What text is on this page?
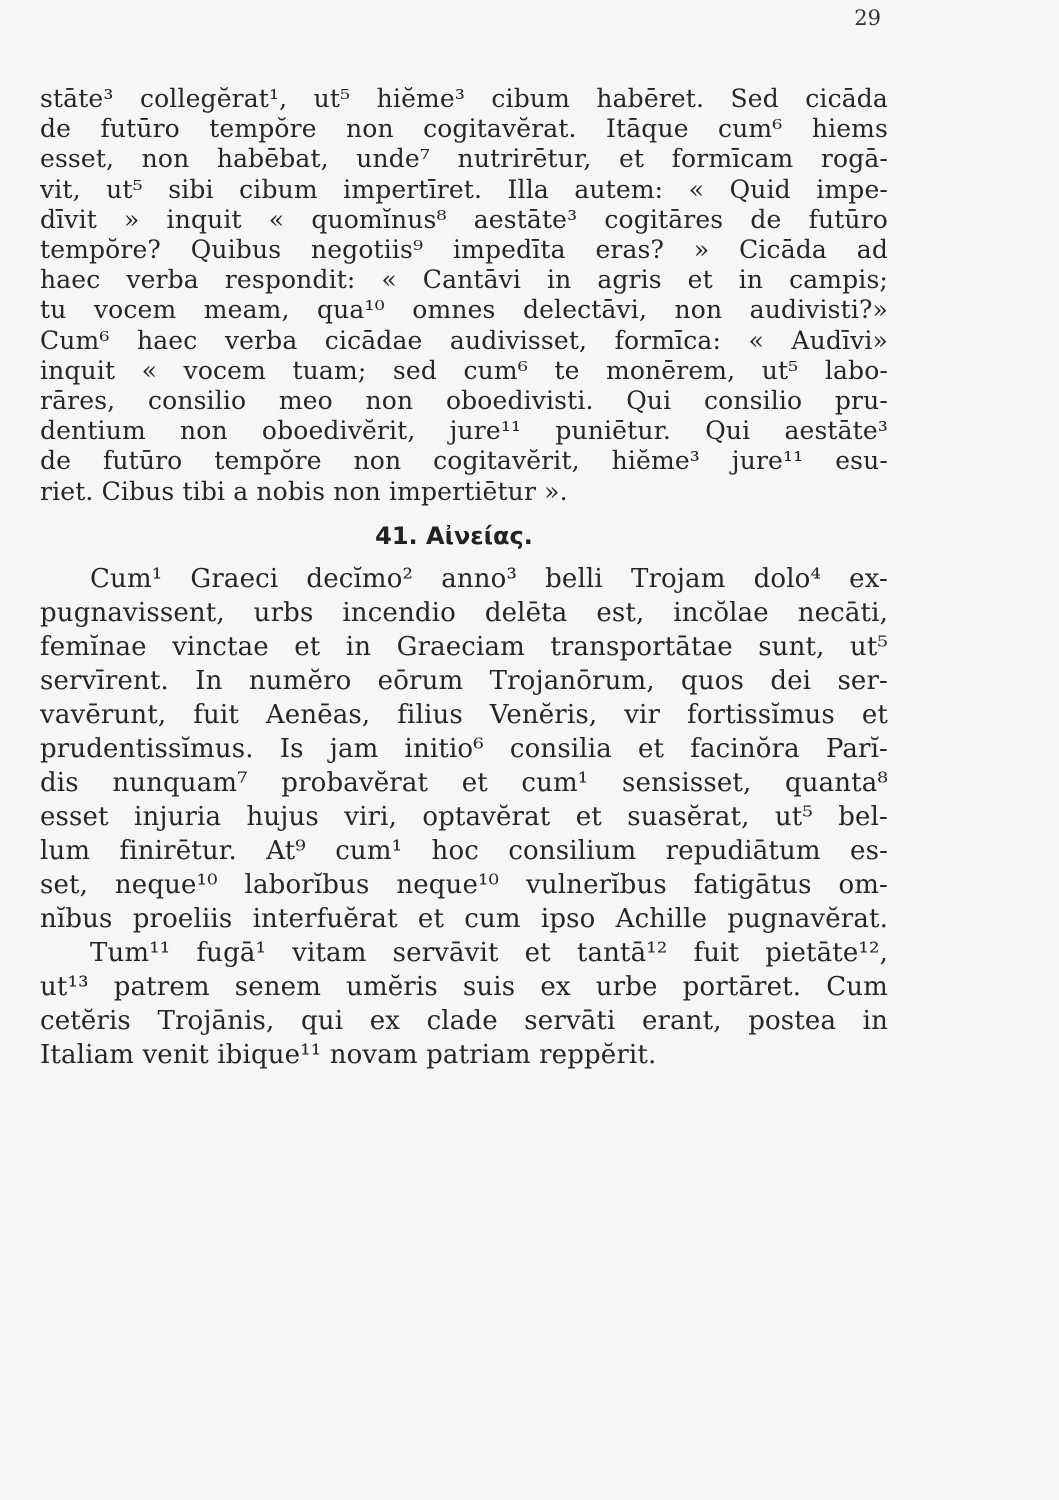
29
stāte³ collegĕrat¹, ut⁵ hiĕme³ cibum habēret. Sed cicāda
de futūro tempŏre non cogitavĕrat. Itāque cum⁶ hiems
esset, non habēbat, unde⁷ nutrirētur, et formīcam rogā-
vit, ut⁵ sibi cibum impertīret. Illa autem: « Quid impe-
dīvit » inquit « quomĭnus⁸ aestāte³ cogitāres de futūro
tempŏre? Quibus negotiis⁹ impedīta eras? » Cicāda ad
haec verba respondit: « Cantāvi in agris et in campis;
tu vocem meam, qua¹⁰ omnes delectāvi, non audivisti?»
Cum⁶ haec verba cicādae audivisset, formīca: « Audīvi»
inquit « vocem tuam; sed cum⁶ te monērem, ut⁵ labo-
rāres, consilio meo non oboedivisti. Qui consilio pru-
dentium non oboedivĕrit, jure¹¹ puniētur. Qui aestāte³
de futūro tempŏre non cogitavĕrit, hiĕme³ jure¹¹ esu-
riet. Cibus tibi a nobis non impertiētur ».
41. Αἰνείας.
Cum¹ Graeci decĭmo² anno³ belli Trojam dolo⁴ ex-
pugnavissent, urbs incendio delēta est, incŏlae necāti,
femĭnae vinctae et in Graeciam transportātae sunt, ut⁵
servīrent. In numĕro eōrum Trojanōrum, quos dei ser-
vavērunt, fuit Aenēas, filius Venĕris, vir fortissĭmus et
prudentissĭmus. Is jam initio⁶ consilia et facinŏra Parĭ-
dis nunquam⁷ probavĕrat et cum¹ sensisset, quanta⁸
esset injuria hujus viri, optavĕrat et suasĕrat, ut⁵ bel-
lum finirētur. At⁹ cum¹ hoc consilium repudiātum es-
set, neque¹⁰ laborĭbus neque¹⁰ vulnerĭbus fatigātus om-
nĭbus proeliis interfuĕrat et cum ipso Achille pugnavĕrat.
Tum¹¹ fugā¹ vitam servāvit et tantā¹² fuit pietāte¹²,
ut¹³ patrem senem umĕris suis ex urbe portāret. Cum
cetĕris Trojānis, qui ex clade servāti erant, postea in
Italiam venit ibique¹¹ novam patriam reppĕrit.
